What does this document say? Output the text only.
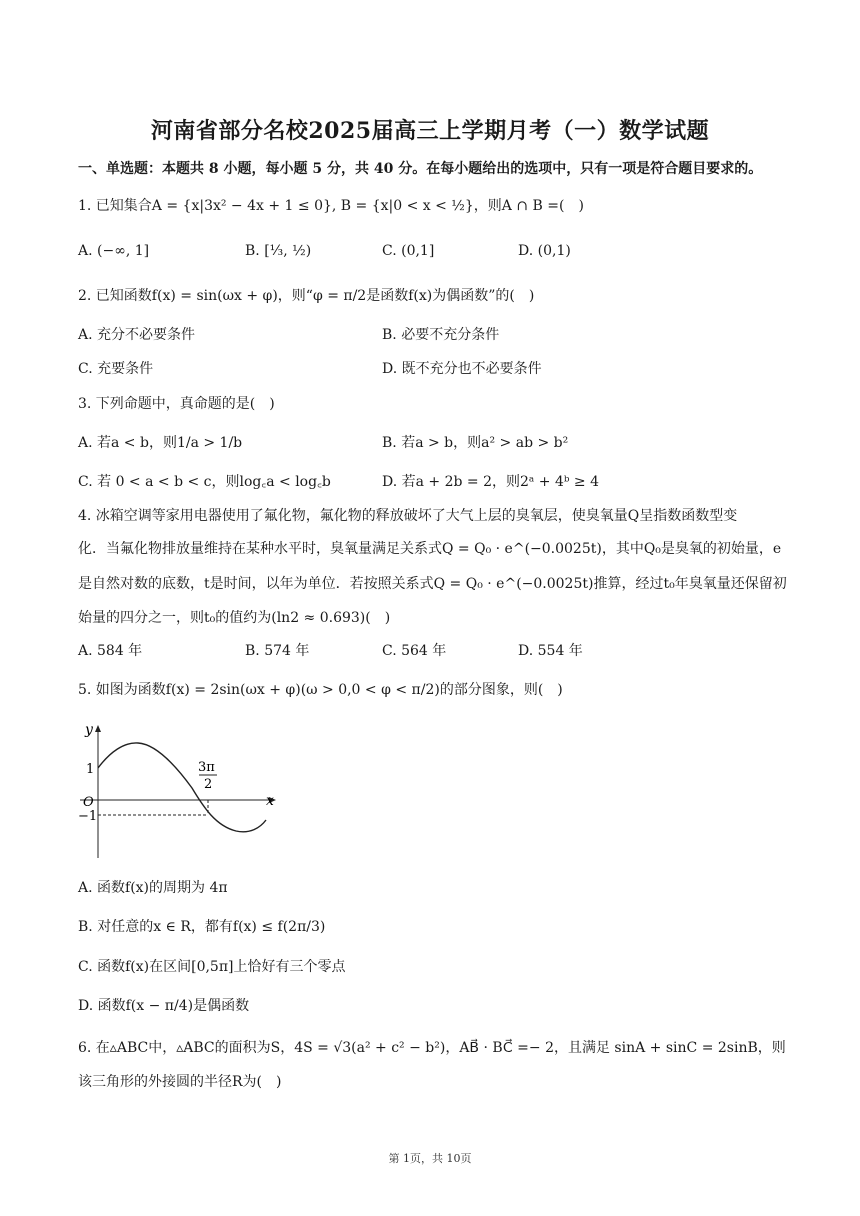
河南省部分名校2025届高三上学期月考（一）数学试题
一、单选题：本题共 8 小题，每小题 5 分，共 40 分。在每小题给出的选项中，只有一项是符合题目要求的。
1. 已知集合A = {x|3x² − 4x + 1 ≤ 0}, B = {x|0 < x < ½}，则A ∩ B =(　)
A. (−∞, 1]	B. [⅓, ½)	C. (0,1]	D. (0,1)
2. 已知函数f(x) = sin(ωx + φ)，则“φ = π/2是函数f(x)为偶函数”的(　)
A. 充分不必要条件	B. 必要不充分条件
C. 充要条件	D. 既不充分也不必要条件
3. 下列命题中，真命题的是(　)
A. 若a < b，则1/a > 1/b	B. 若a > b，则a² > ab > b²
C. 若 0 < a < b < c，则log꜀a < log꜀b	D. 若a + 2b = 2，则2ᵃ + 4ᵇ ≥ 4
4. 冰箱空调等家用电器使用了氟化物，氟化物的释放破坏了大气上层的臭氧层，使臭氧量Q呈指数函数型变
化．当氟化物排放量维持在某种水平时，臭氧量满足关系式Q = Q₀ · e^(−0.0025t)，其中Q₀是臭氧的初始量，e
是自然对数的底数，t是时间，以年为单位．若按照关系式Q = Q₀ · e^(−0.0025t)推算，经过t₀年臭氧量还保留初
始量的四分之一，则t₀的值约为(ln2 ≈ 0.693)(　)
A. 584 年	B. 574 年	C. 564 年	D. 554 年
5. 如图为函数f(x) = 2sin(ωx + φ)(ω > 0,0 < φ < π/2)的部分图象，则(　)
y
x
O
1
−1
3π
2
A. 函数f(x)的周期为 4π
B. 对任意的x ∈ R，都有f(x) ≤ f(2π/3)
C. 函数f(x)在区间[0,5π]上恰好有三个零点
D. 函数f(x − π/4)是偶函数
6. 在▵ABC中，▵ABC的面积为S，4S = √3(a² + c² − b²)，AB⃗ · BC⃗ =− 2，且满足 sinA + sinC = 2sinB，则
该三角形的外接圆的半径R为(　)
第 1页，共 10页
